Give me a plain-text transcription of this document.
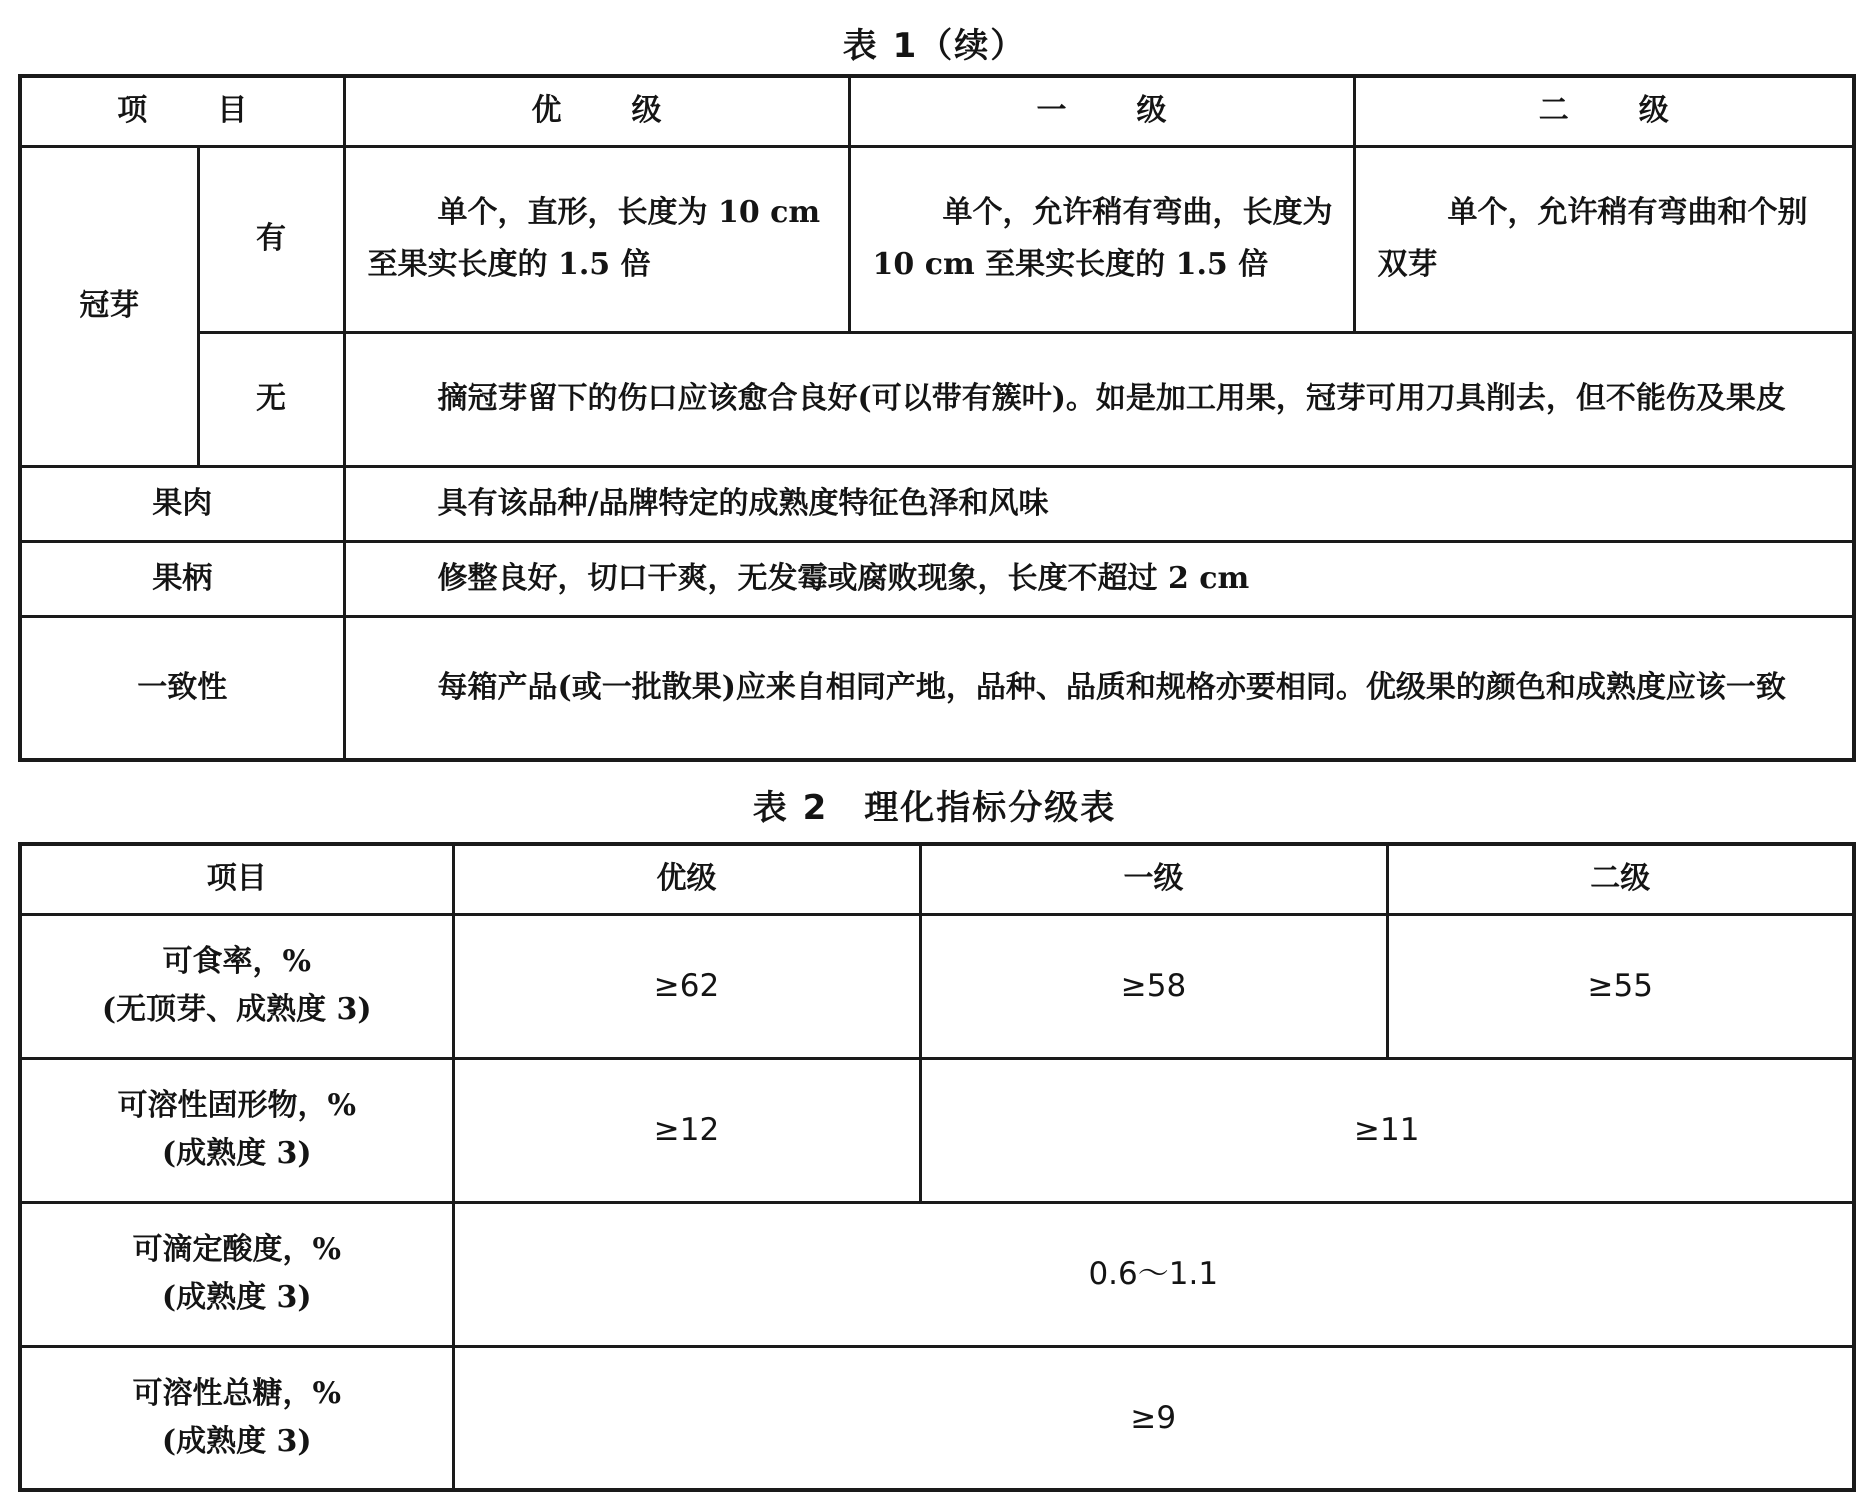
表 1（续）
项 目		优 级	一 级	二 级
冠芽	有	单个，直形，长度为 10 cm 至果实长度的 1.5 倍	单个，允许稍有弯曲，长度为 10 cm 至果实长度的 1.5 倍	单个，允许稍有弯曲和个别双芽
	无	摘冠芽留下的伤口应该愈合良好(可以带有簇叶)。如是加工用果，冠芽可用刀具削去，但不能伤及果皮		
果肉		具有该品种/品牌特定的成熟度特征色泽和风味		
果柄		修整良好，切口干爽，无发霉或腐败现象，长度不超过 2 cm		
一致性		每箱产品(或一批散果)应来自相同产地，品种、品质和规格亦要相同。优级果的颜色和成熟度应该一致		
表 2　理化指标分级表
项目	优级	一级	二级

可食率，%
(无顶芽、成熟度 3)	≥62	≥58	≥55

可溶性固形物，%
(成熟度 3)	≥12	≥11	

可滴定酸度，%
(成熟度 3)	0.6～1.1		

可溶性总糖，%
(成熟度 3)	≥9		
